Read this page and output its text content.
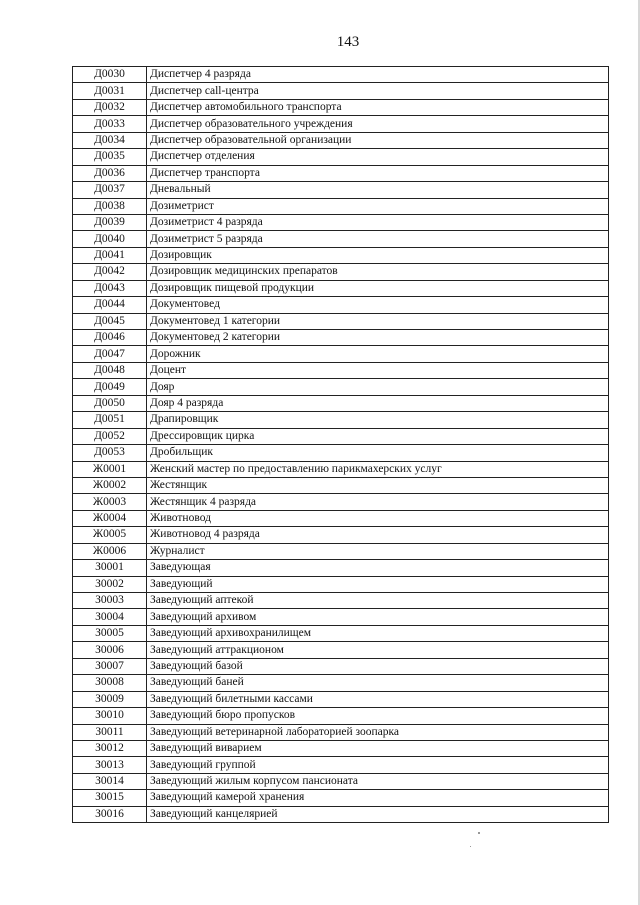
143
Д0030	Диспетчер 4 разряда
Д0031	Диспетчер call-центра
Д0032	Диспетчер автомобильного транспорта
Д0033	Диспетчер образовательного учреждения
Д0034	Диспетчер образовательной организации
Д0035	Диспетчер отделения
Д0036	Диспетчер транспорта
Д0037	Дневальный
Д0038	Дозиметрист
Д0039	Дозиметрист 4 разряда
Д0040	Дозиметрист 5 разряда
Д0041	Дозировщик
Д0042	Дозировщик медицинских препаратов
Д0043	Дозировщик пищевой продукции
Д0044	Документовед
Д0045	Документовед 1 категории
Д0046	Документовед 2 категории
Д0047	Дорожник
Д0048	Доцент
Д0049	Дояр
Д0050	Дояр 4 разряда
Д0051	Драпировщик
Д0052	Дрессировщик цирка
Д0053	Дробильщик
Ж0001	Женский мастер по предоставлению парикмахерских услуг
Ж0002	Жестянщик
Ж0003	Жестянщик 4 разряда
Ж0004	Животновод
Ж0005	Животновод 4 разряда
Ж0006	Журналист
З0001	Заведующая
З0002	Заведующий
З0003	Заведующий аптекой
З0004	Заведующий архивом
З0005	Заведующий архивохранилищем
З0006	Заведующий аттракционом
З0007	Заведующий базой
З0008	Заведующий баней
З0009	Заведующий билетными кассами
З0010	Заведующий бюро пропусков
З0011	Заведующий ветеринарной лабораторией зоопарка
З0012	Заведующий виварием
З0013	Заведующий группой
З0014	Заведующий жилым корпусом пансионата
З0015	Заведующий камерой хранения
З0016	Заведующий канцелярией
